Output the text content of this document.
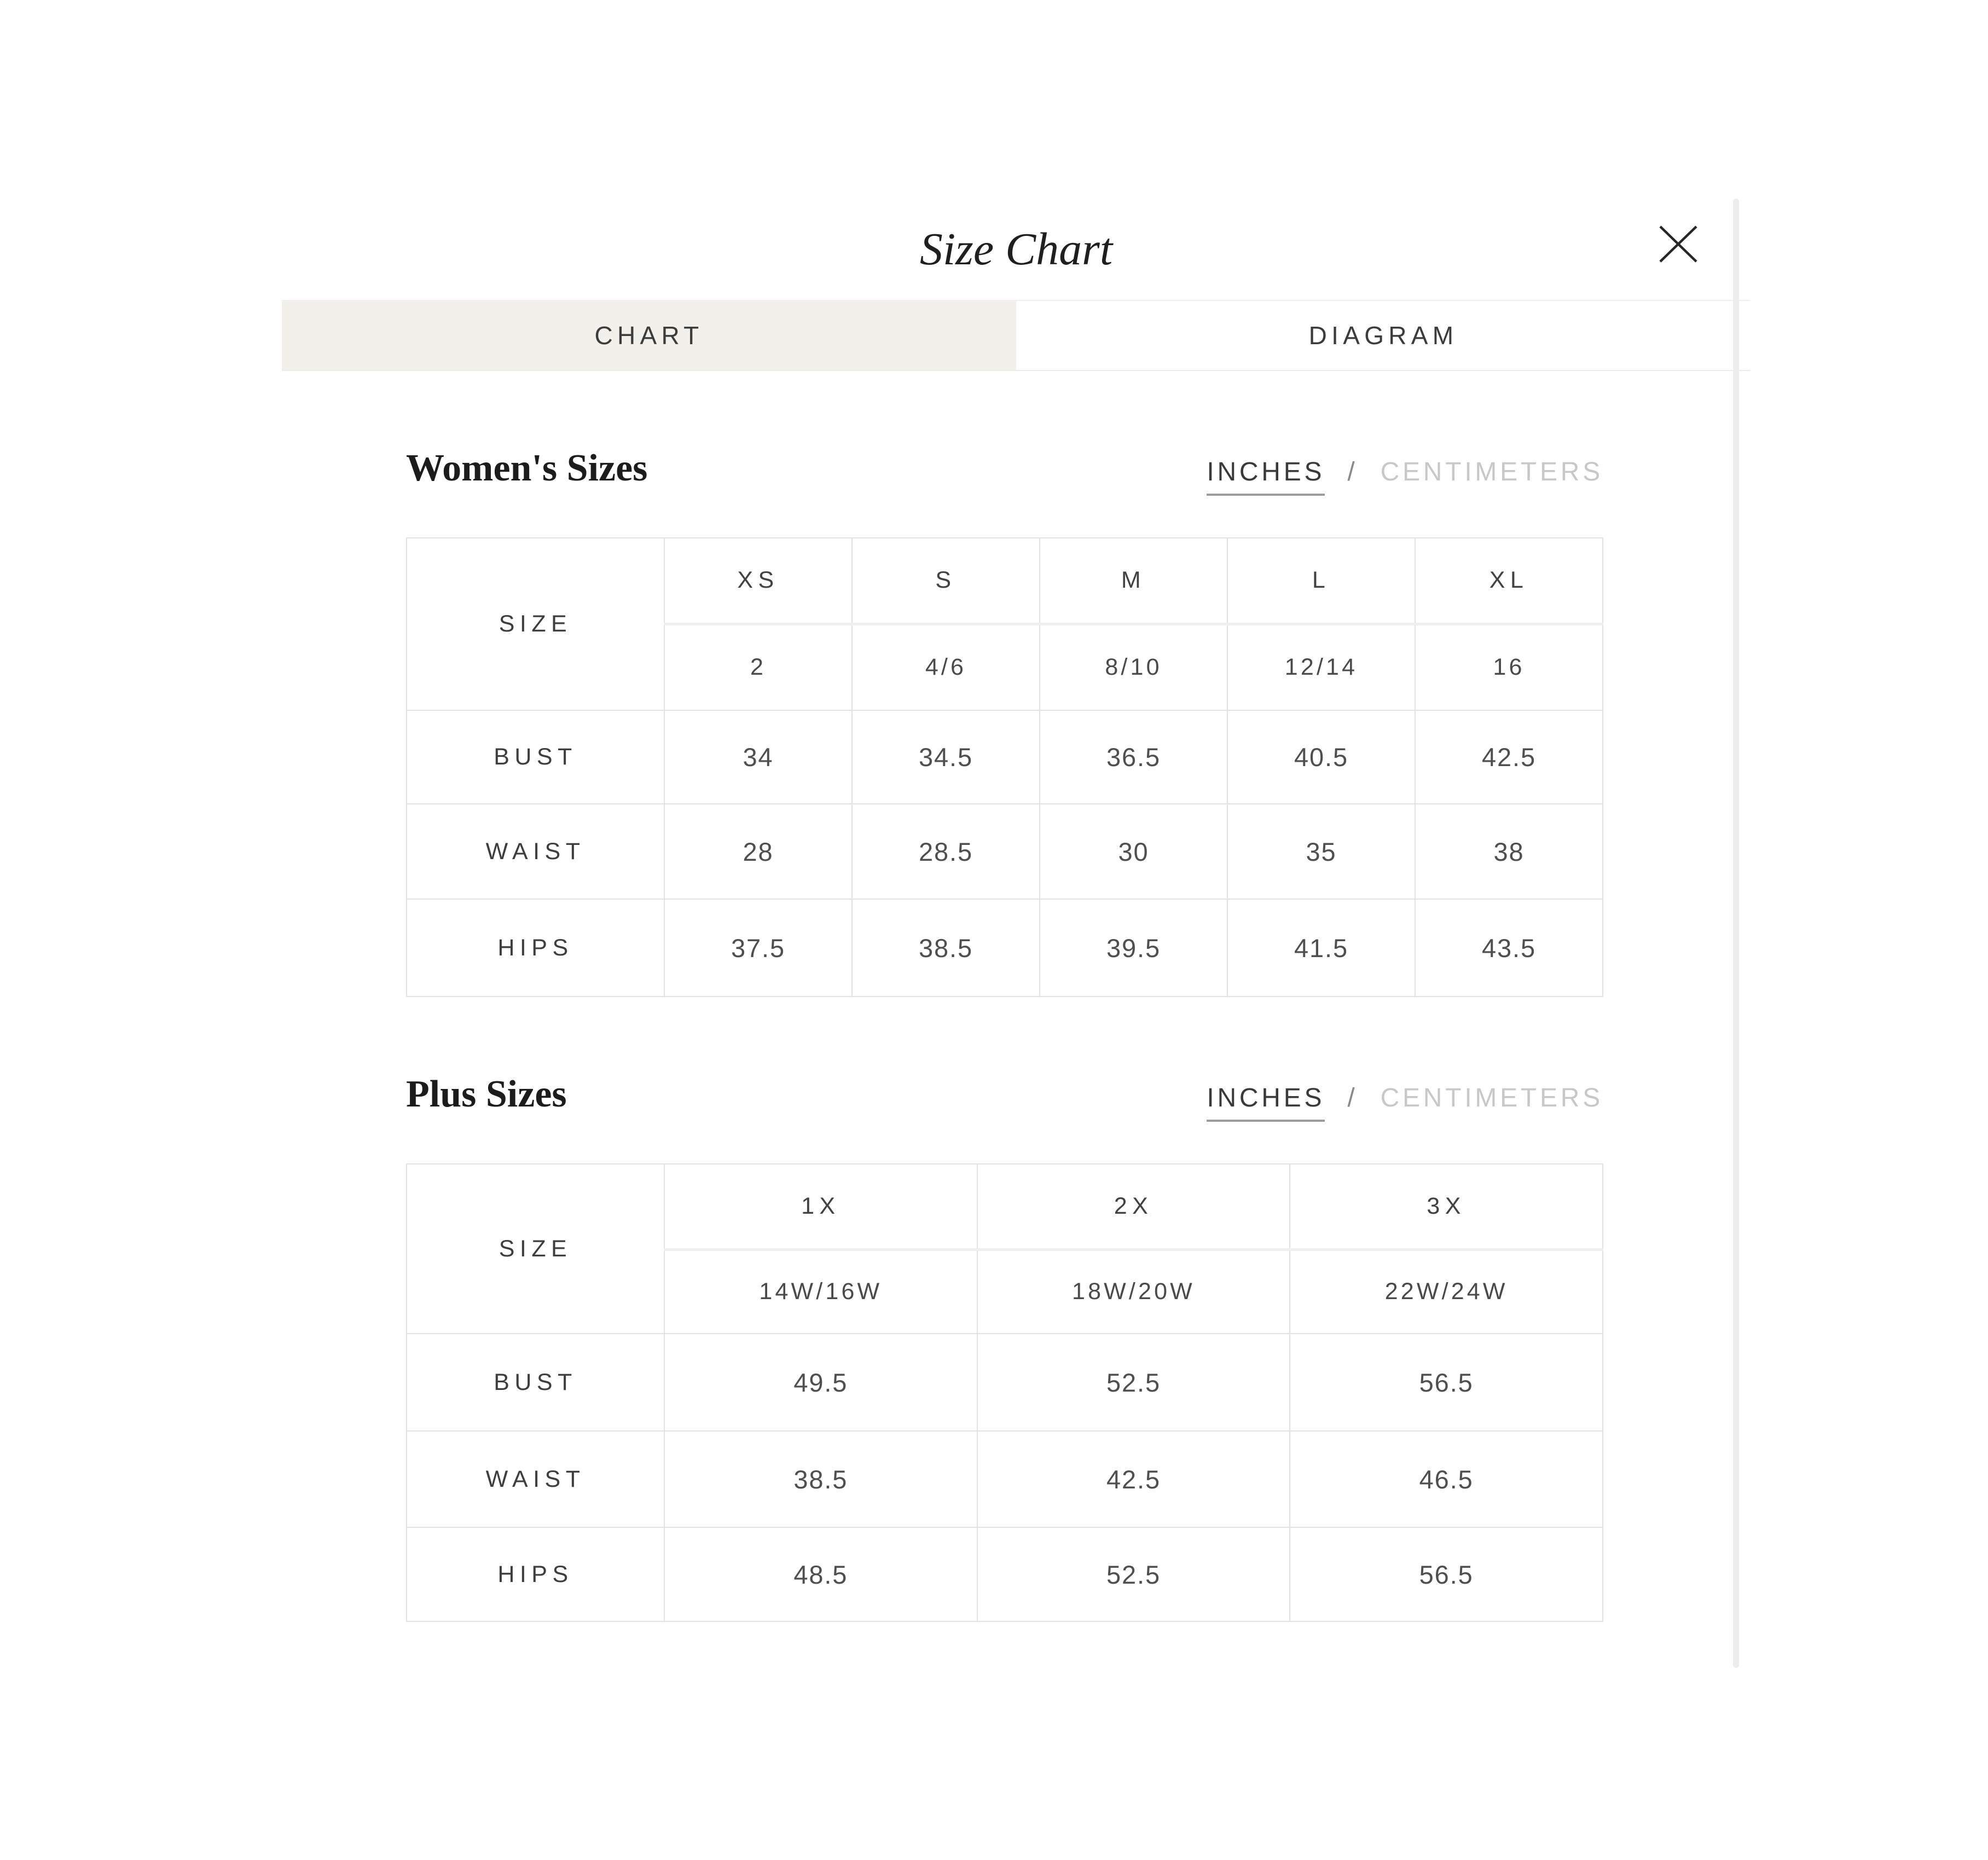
Size Chart
CHART	DIAGRAM
Women's Sizes	INCHES / CENTIMETERS
SIZE	XS	S	M	L	XL
	2	4/6	8/10	12/14	16
BUST	34	34.5	36.5	40.5	42.5
WAIST	28	28.5	30	35	38
HIPS	37.5	38.5	39.5	41.5	43.5
Plus Sizes	INCHES / CENTIMETERS
SIZE	1X	2X	3X
	14W/16W	18W/20W	22W/24W
BUST	49.5	52.5	56.5
WAIST	38.5	42.5	46.5
HIPS	48.5	52.5	56.5
